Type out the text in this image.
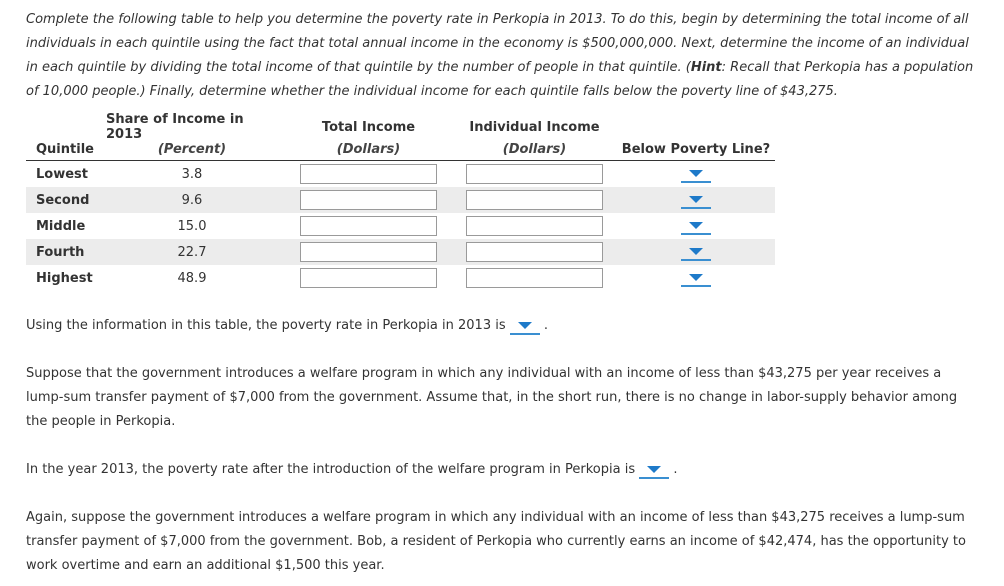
Complete the following table to help you determine the poverty rate in Perkopia in 2013. To do this, begin by determining the total income of all individuals in each quintile using the fact that total annual income in the economy is $500,000,000. Next, determine the income of an individual in each quintile by dividing the total income of that quintile by the number of people in that quintile. (Hint: Recall that Perkopia has a population of 10,000 people.) Finally, determine whether the individual income for each quintile falls below the poverty line of $43,275.
Share of Income in 2013	Total Income	Individual Income
Quintile	(Percent)	(Dollars)	(Dollars)	Below Poverty Line?
Lowest	3.8
Second	9.6
Middle	15.0
Fourth	22.7
Highest	48.9
Using the information in this table, the poverty rate in Perkopia in 2013 is	.
Suppose that the government introduces a welfare program in which any individual with an income of less than $43,275 per year receives a lump-sum transfer payment of $7,000 from the government. Assume that, in the short run, there is no change in labor-supply behavior among the people in Perkopia.
In the year 2013, the poverty rate after the introduction of the welfare program in Perkopia is	.
Again, suppose the government introduces a welfare program in which any individual with an income of less than $43,275 receives a lump-sum transfer payment of $7,000 from the government. Bob, a resident of Perkopia who currently earns an income of $42,474, has the opportunity to work overtime and earn an additional $1,500 this year.
